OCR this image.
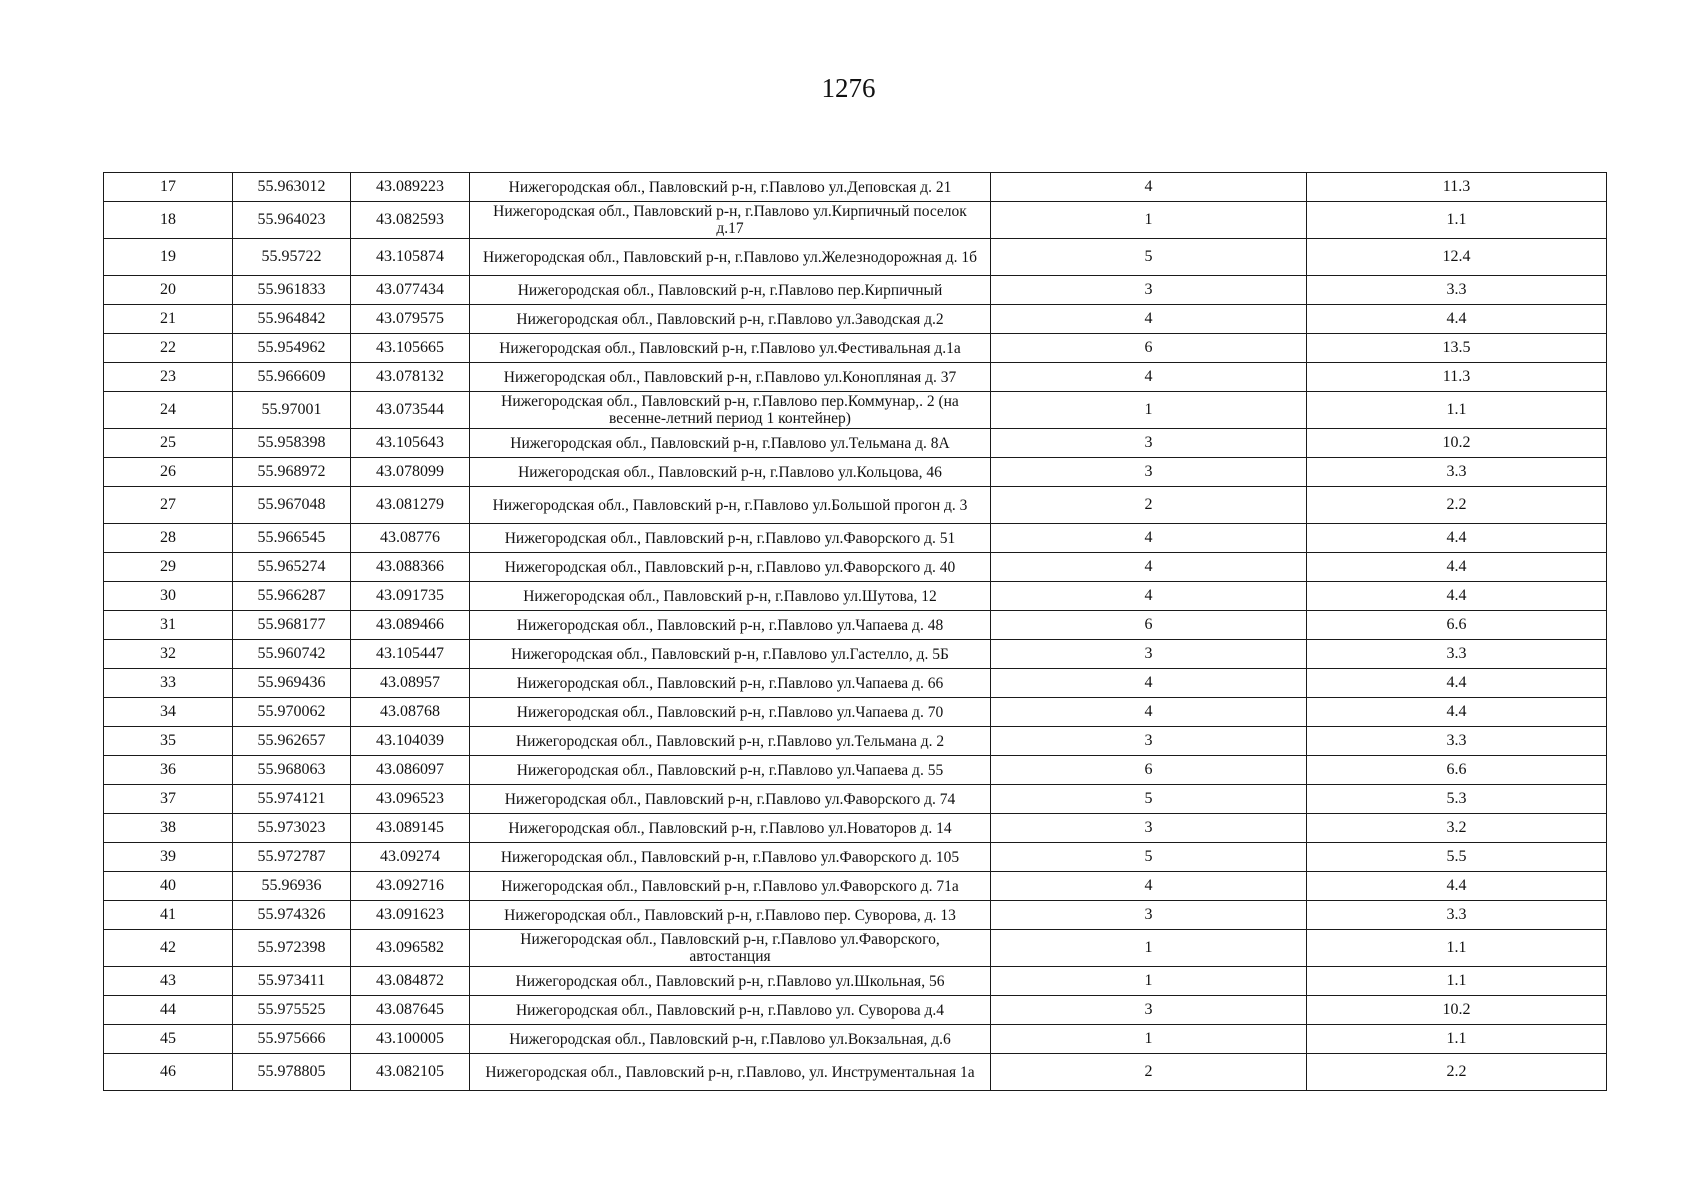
1276
17	55.963012	43.089223	Нижегородская обл., Павловский р-н, г.Павлово ул.Деповская д. 21	4	11.3
18	55.964023	43.082593	Нижегородская обл., Павловский р-н, г.Павлово ул.Кирпичный поселок д.17	1	1.1
19	55.95722	43.105874	Нижегородская обл., Павловский р-н, г.Павлово ул.Железнодорожная д. 1б	5	12.4
20	55.961833	43.077434	Нижегородская обл., Павловский р-н, г.Павлово пер.Кирпичный	3	3.3
21	55.964842	43.079575	Нижегородская обл., Павловский р-н, г.Павлово ул.Заводская д.2	4	4.4
22	55.954962	43.105665	Нижегородская обл., Павловский р-н, г.Павлово ул.Фестивальная д.1а	6	13.5
23	55.966609	43.078132	Нижегородская обл., Павловский р-н, г.Павлово ул.Конопляная д. 37	4	11.3
24	55.97001	43.073544	Нижегородская обл., Павловский р-н, г.Павлово пер.Коммунар,. 2 (на весенне-летний период 1 контейнер)	1	1.1
25	55.958398	43.105643	Нижегородская обл., Павловский р-н, г.Павлово ул.Тельмана д. 8А	3	10.2
26	55.968972	43.078099	Нижегородская обл., Павловский р-н, г.Павлово ул.Кольцова, 46	3	3.3
27	55.967048	43.081279	Нижегородская обл., Павловский р-н, г.Павлово ул.Большой прогон д. 3	2	2.2
28	55.966545	43.08776	Нижегородская обл., Павловский р-н, г.Павлово ул.Фаворского д. 51	4	4.4
29	55.965274	43.088366	Нижегородская обл., Павловский р-н, г.Павлово ул.Фаворского д. 40	4	4.4
30	55.966287	43.091735	Нижегородская обл., Павловский р-н, г.Павлово ул.Шутова, 12	4	4.4
31	55.968177	43.089466	Нижегородская обл., Павловский р-н, г.Павлово ул.Чапаева д. 48	6	6.6
32	55.960742	43.105447	Нижегородская обл., Павловский р-н, г.Павлово ул.Гастелло, д. 5Б	3	3.3
33	55.969436	43.08957	Нижегородская обл., Павловский р-н, г.Павлово ул.Чапаева д. 66	4	4.4
34	55.970062	43.08768	Нижегородская обл., Павловский р-н, г.Павлово ул.Чапаева д. 70	4	4.4
35	55.962657	43.104039	Нижегородская обл., Павловский р-н, г.Павлово ул.Тельмана д. 2	3	3.3
36	55.968063	43.086097	Нижегородская обл., Павловский р-н, г.Павлово ул.Чапаева д. 55	6	6.6
37	55.974121	43.096523	Нижегородская обл., Павловский р-н, г.Павлово ул.Фаворского д. 74	5	5.3
38	55.973023	43.089145	Нижегородская обл., Павловский р-н, г.Павлово ул.Новаторов д. 14	3	3.2
39	55.972787	43.09274	Нижегородская обл., Павловский р-н, г.Павлово ул.Фаворского д. 105	5	5.5
40	55.96936	43.092716	Нижегородская обл., Павловский р-н, г.Павлово ул.Фаворского д. 71а	4	4.4
41	55.974326	43.091623	Нижегородская обл., Павловский р-н, г.Павлово пер. Суворова, д. 13	3	3.3
42	55.972398	43.096582	Нижегородская обл., Павловский р-н, г.Павлово ул.Фаворского, автостанция	1	1.1
43	55.973411	43.084872	Нижегородская обл., Павловский р-н, г.Павлово ул.Школьная, 56	1	1.1
44	55.975525	43.087645	Нижегородская обл., Павловский р-н, г.Павлово ул. Суворова д.4	3	10.2
45	55.975666	43.100005	Нижегородская обл., Павловский р-н, г.Павлово ул.Вокзальная, д.6	1	1.1
46	55.978805	43.082105	Нижегородская обл., Павловский р-н, г.Павлово, ул. Инструментальная 1а	2	2.2
